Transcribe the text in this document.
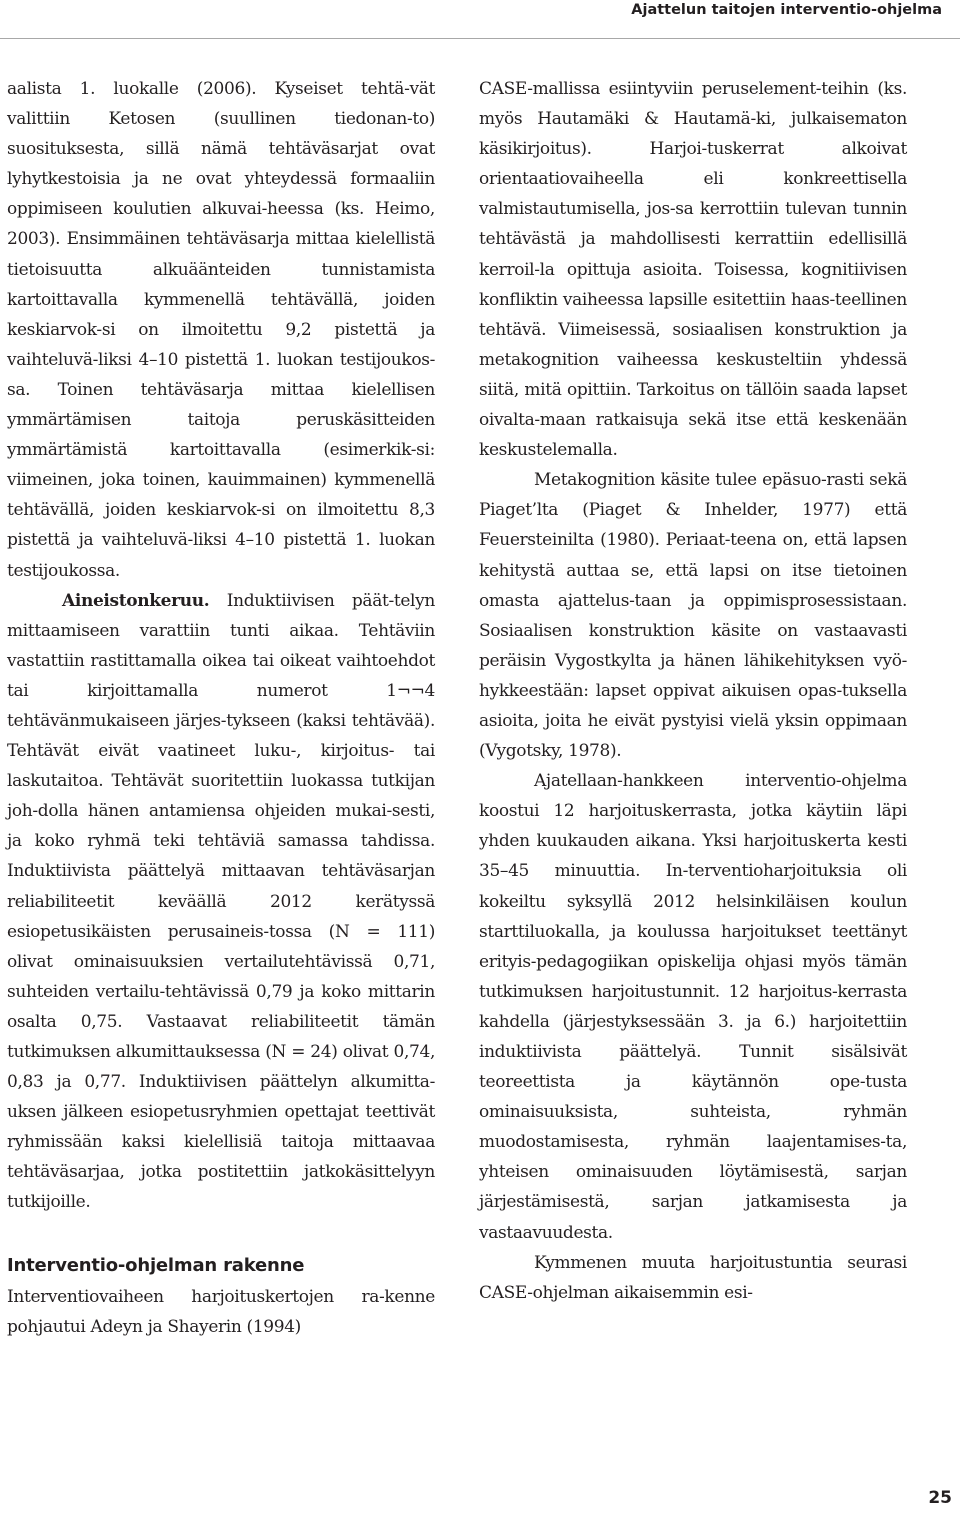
Ajattelun taitojen interventio-ohjelma

aalista 1. luokalle (2006). Kyseiset tehtä-vät valittiin Ketosen (suullinen tiedonan-to) suosituksesta, sillä nämä tehtäväsarjat ovat lyhytkestoisia ja ne ovat yhteydessä formaaliin oppimiseen koulutien alkuvai-heessa (ks. Heimo, 2003). Ensimmäinen tehtäväsarja mittaa kielellistä tietoisuutta alkuäänteiden tunnistamista kartoittavalla kymmenellä tehtävällä, joiden keskiarvok-si on ilmoitettu 9,2 pistettä ja vaihteluvä-liksi 4–10 pistettä 1. luokan testijoukos-sa. Toinen tehtäväsarja mittaa kielellisen ymmärtämisen taitoja peruskäsitteiden ymmärtämistä kartoittavalla (esimerkik-si: viimeinen, joka toinen, kauimmainen) kymmenellä tehtävällä, joiden keskiarvok-si on ilmoitettu 8,3 pistettä ja vaihteluvä-liksi 4–10 pistettä 1. luokan testijoukossa.

Aineistonkeruu. Induktiivisen päät-telyn mittaamiseen varattiin tunti aikaa. Tehtäviin vastattiin rastittamalla oikea tai oikeat vaihtoehdot tai kirjoittamalla numerot 1¬¬4 tehtävänmukaiseen järjes-tykseen (kaksi tehtävää). Tehtävät eivät vaatineet luku-, kirjoitus- tai laskutaitoa. Tehtävät suoritettiin luokassa tutkijan joh-dolla hänen antamiensa ohjeiden mukai-sesti, ja koko ryhmä teki tehtäviä samassa tahdissa. Induktiivista päättelyä mittaavan tehtäväsarjan reliabiliteetit keväällä 2012 kerätyssä esiopetusikäisten perusaineis-tossa (N = 111) olivat ominaisuuksien vertailutehtävissä 0,71, suhteiden vertailu-tehtävissä 0,79 ja koko mittarin osalta 0,75. Vastaavat reliabiliteetit tämän tutkimuksen alkumittauksessa (N = 24) olivat 0,74, 0,83 ja 0,77. Induktiivisen päättelyn alkumitta-uksen jälkeen esiopetusryhmien opettajat teettivät ryhmissään kaksi kielellisiä taitoja mittaavaa tehtäväsarjaa, jotka postitettiin jatkokäsittelyyn tutkijoille.

Interventio-ohjelman rakenne

Interventiovaiheen harjoituskertojen ra-kenne pohjautui Adeyn ja Shayerin (1994)

CASE-mallissa esiintyviin peruselement-teihin (ks. myös Hautamäki & Hautamä-ki, julkaisematon käsikirjoitus). Harjoi-tuskerrat alkoivat orientaatiovaiheella eli konkreettisella valmistautumisella, jos-sa kerrottiin tulevan tunnin tehtävästä ja mahdollisesti kerrattiin edellisillä kerroil-la opittuja asioita. Toisessa, kognitiivisen konfliktin vaiheessa lapsille esitettiin haas-teellinen tehtävä. Viimeisessä, sosiaalisen konstruktion ja metakognition vaiheessa keskusteltiin yhdessä siitä, mitä opittiin. Tarkoitus on tällöin saada lapset oivalta-maan ratkaisuja sekä itse että keskenään keskustelemalla.

Metakognition käsite tulee epäsuo-rasti sekä Piaget’lta (Piaget & Inhelder, 1977) että Feuersteinilta (1980). Periaat-teena on, että lapsen kehitystä auttaa se, että lapsi on itse tietoinen omasta ajattelus-taan ja oppimisprosessistaan. Sosiaalisen konstruktion käsite on vastaavasti peräisin Vygostkylta ja hänen lähikehityksen vyö-hykkeestään: lapset oppivat aikuisen opas-tuksella asioita, joita he eivät pystyisi vielä yksin oppimaan (Vygotsky, 1978).

Ajatellaan-hankkeen interventio-ohjelma koostui 12 harjoituskerrasta, jotka käytiin läpi yhden kuukauden aikana. Yksi harjoituskerta kesti 35–45 minuuttia. In-terventioharjoituksia oli kokeiltu syksyllä 2012 helsinkiläisen koulun starttiluokalla, ja koulussa harjoitukset teettänyt erityis-pedagogiikan opiskelija ohjasi myös tämän tutkimuksen harjoitustunnit. 12 harjoitus-kerrasta kahdella (järjestyksessään 3. ja 6.) harjoitettiin induktiivista päättelyä. Tunnit sisälsivät teoreettista ja käytännön ope-tusta ominaisuuksista, suhteista, ryhmän muodostamisesta, ryhmän laajentamises-ta, yhteisen ominaisuuden löytämisestä, sarjan järjestämisestä, sarjan jatkamisesta ja vastaavuudesta.

Kymmenen muuta harjoitustuntia seurasi CASE-ohjelman aikaisemmin esi-

25
